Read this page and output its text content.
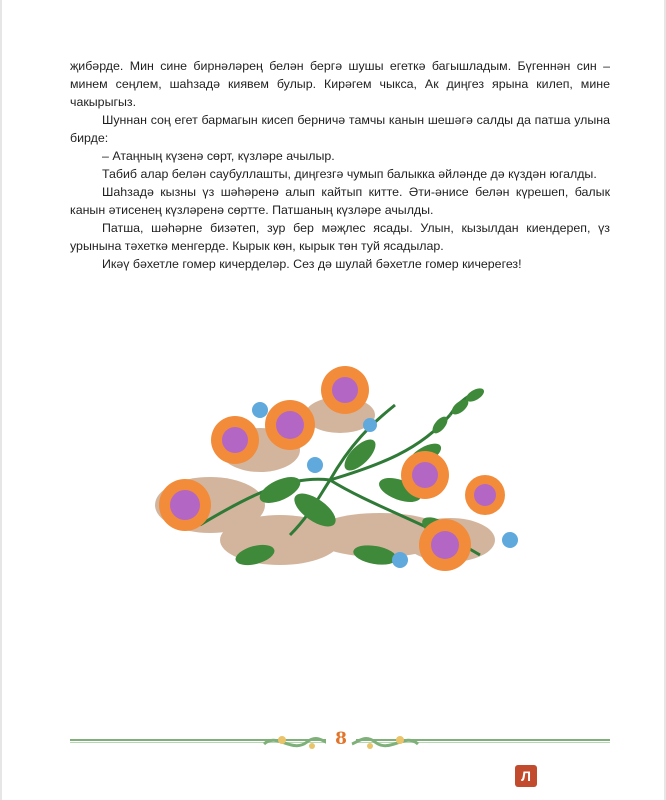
җибәрде. Мин сине бирнәләрең белән бергә шушы егеткә багышладым. Бүгеннән син – минем сеңлем, шаһзадә киявем булыр. Кирәгем чыкса, Ак диңгез ярына килеп, мине чакырыгыз.

Шуннан соң егет бармагын кисеп берничә тамчы канын шешәгә салды да патша улына бирде:

– Атаңның күзенә сөрт, күзләре ачылыр.

Табиб алар белән саубуллашты, диңгезгә чумып балыкка әйләнде дә күздән югалды.

Шаһзадә кызны үз шәһәренә алып кайтып китте. Әти-әнисе белән күрешеп, балык канын әтисенең күзләренә сөртте. Патшаның күзләре ачылды.

Патша, шәһәрне бизәтеп, зур бер мәҗлес ясады. Улын, кызылдан киендереп, үз урынына тәхеткә менгерде. Кырык көн, кырык төн туй ясадылар.

Икәү бәхетле гомер кичерделәр. Сез дә шулай бәхетле гомер кичерегез!

8
Л
